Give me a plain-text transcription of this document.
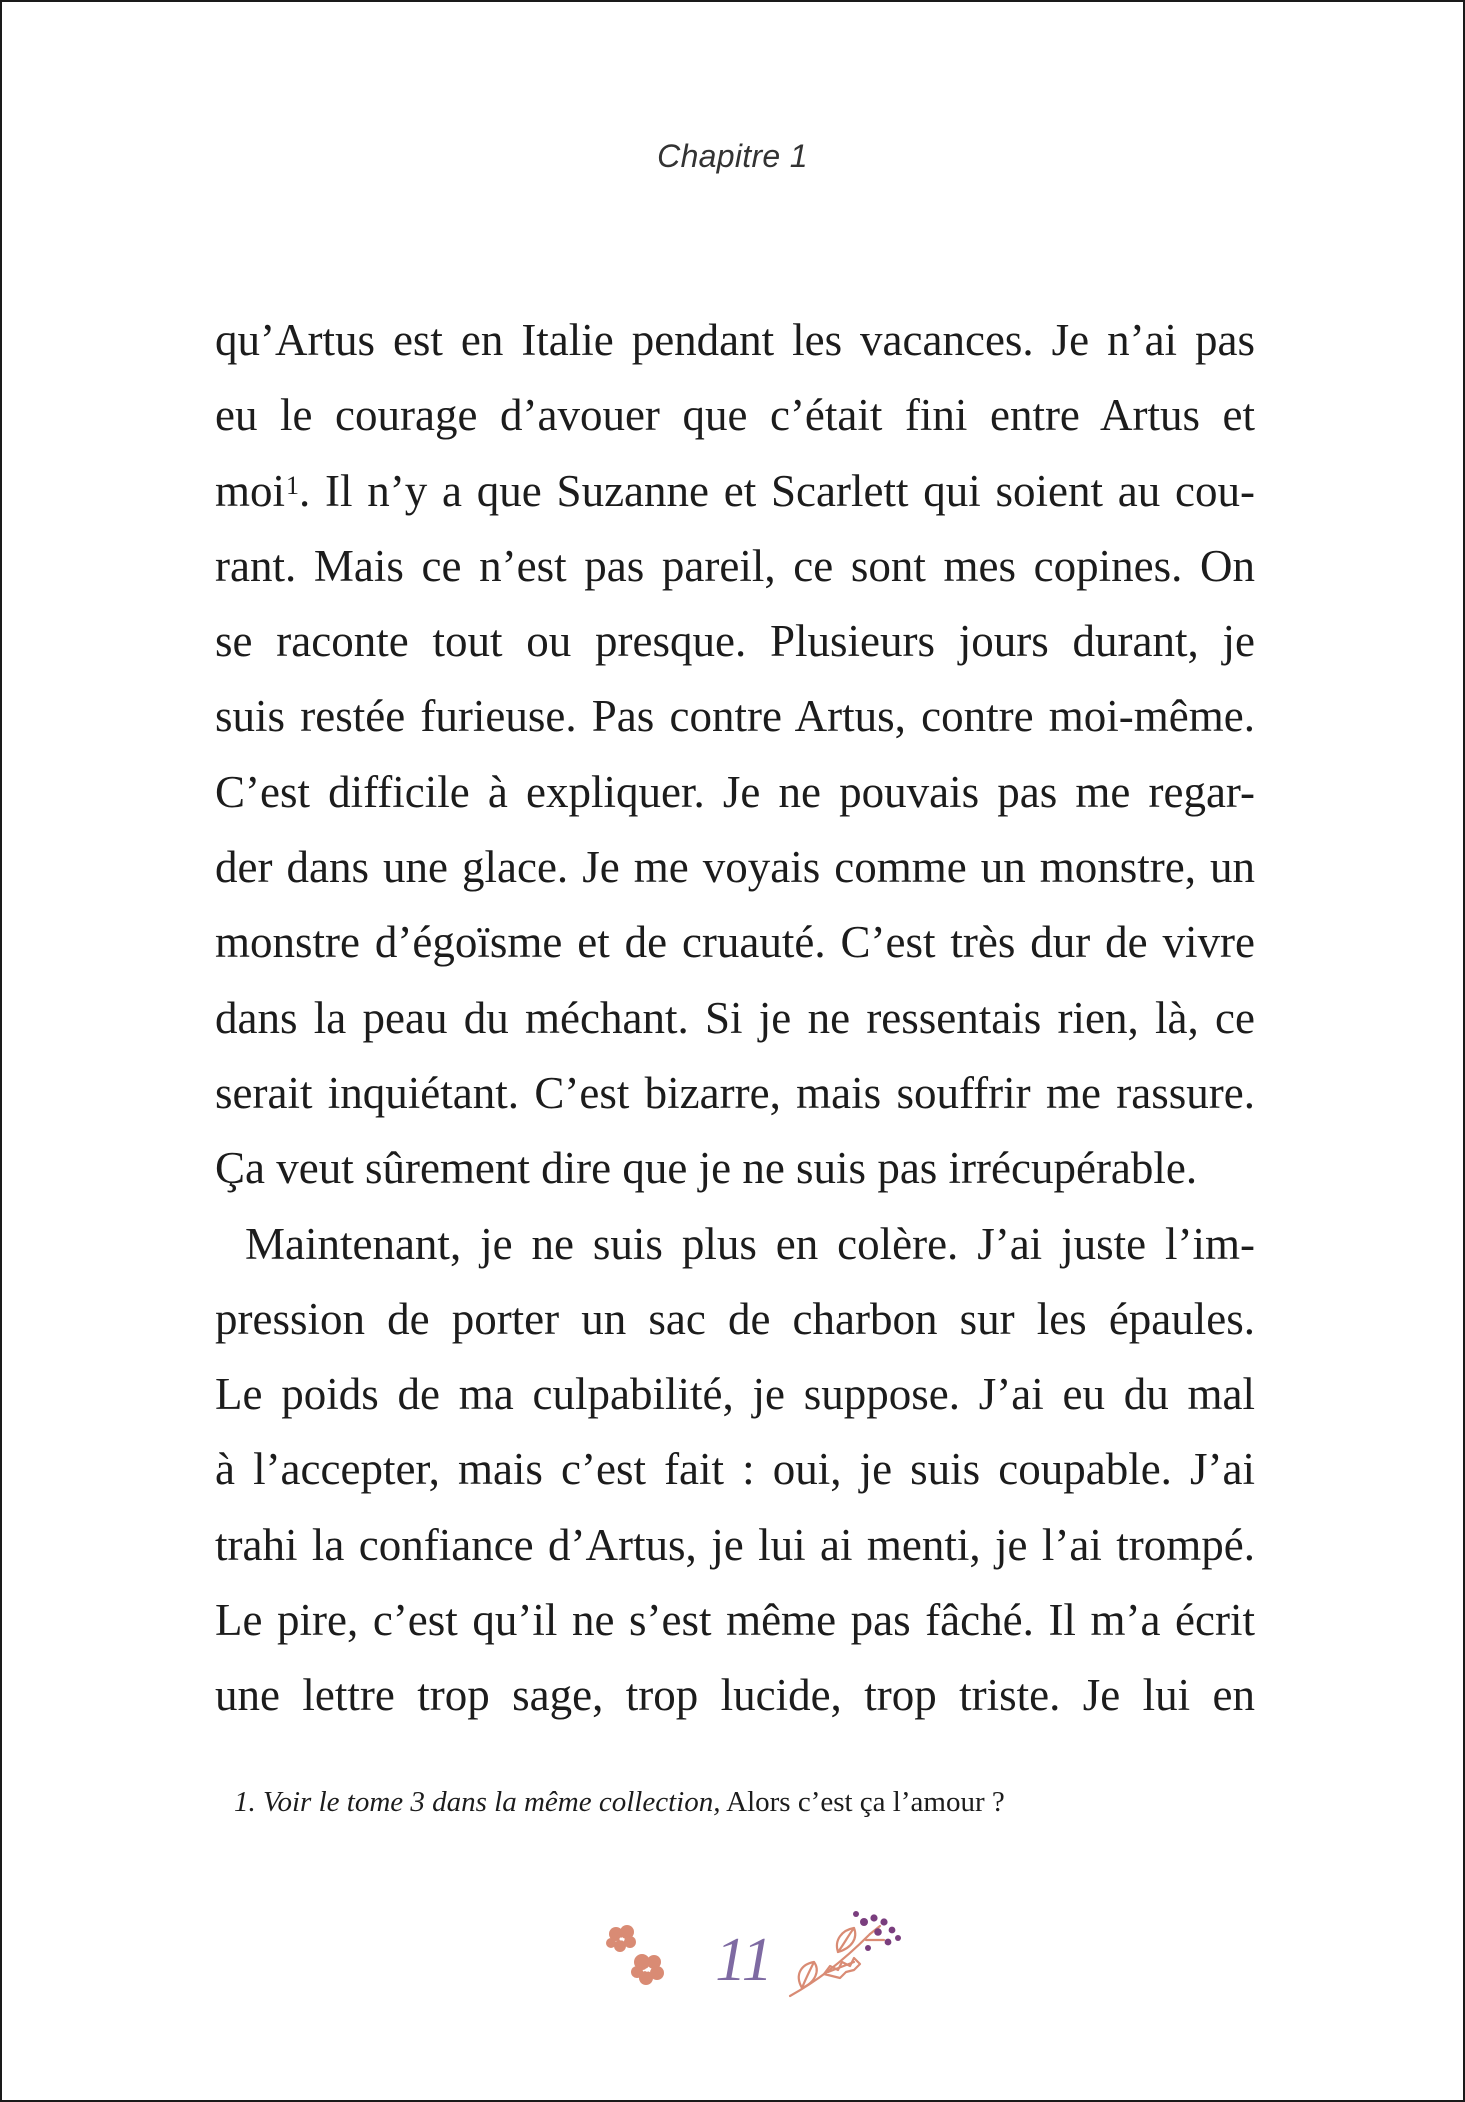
Chapitre 1
qu’Artus est en Italie pendant les vacances. Je n’ai pas
eu le courage d’avouer que c’était fini entre Artus et
moi$^1$. Il n’y a que Suzanne et Scarlett qui soient au cou-
rant. Mais ce n’est pas pareil, ce sont mes copines. On
se raconte tout ou presque. Plusieurs jours durant, je
suis restée furieuse. Pas contre Artus, contre moi-même.
C’est difficile à expliquer. Je ne pouvais pas me regar-
der dans une glace. Je me voyais comme un monstre, un
monstre d’égoïsme et de cruauté. C’est très dur de vivre
dans la peau du méchant. Si je ne ressentais rien, là, ce
serait inquiétant. C’est bizarre, mais souffrir me rassure.
Ça veut sûrement dire que je ne suis pas irrécupérable.
Maintenant, je ne suis plus en colère. J’ai juste l’im-
pression de porter un sac de charbon sur les épaules.
Le poids de ma culpabilité, je suppose. J’ai eu du mal
à l’accepter, mais c’est fait : oui, je suis coupable. J’ai
trahi la confiance d’Artus, je lui ai menti, je l’ai trompé.
Le pire, c’est qu’il ne s’est même pas fâché. Il m’a écrit
une lettre trop sage, trop lucide, trop triste. Je lui en
1. Voir le tome 3 dans la même collection, Alors c’est ça l’amour ?
11
